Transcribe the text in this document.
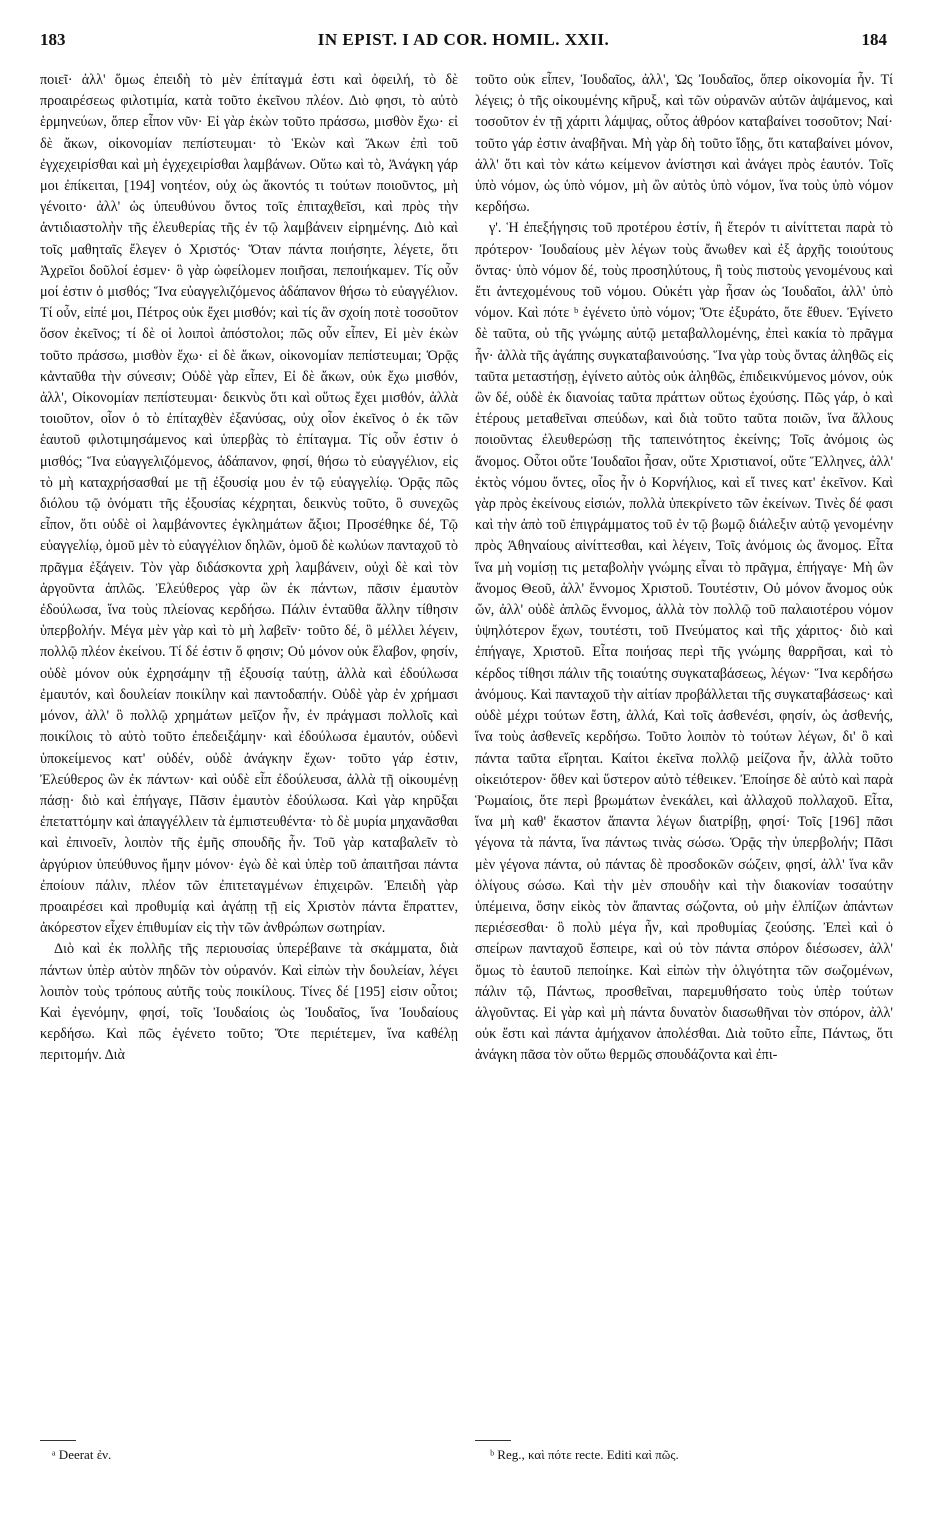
183	IN EPIST. I AD COR. HOMIL. XXII.	184

ποιεῖ· ἀλλ' ὅμως ἐπειδὴ τὸ μὲν ἐπίταγμά ἐστι καὶ ὀφειλή, τὸ δὲ προαιρέσεως φιλοτιμία, κατὰ τοῦτο ἐκεῖνου πλέον. Διὸ φησι, τὸ αὐτὸ ἑρμηνεύων, ὅπερ εἶπον νῦν· Εἰ γὰρ ἑκὼν τοῦτο πράσσω, μισθὸν ἔχω· εἰ δὲ ἄκων, οἰκονομίαν πεπίστευμαι· τὸ Ἑκὼν καὶ Ἄκων ἐπὶ τοῦ ἐγχεχειρίσθαι καὶ μὴ ἐγχεχειρίσθαι λαμβάνων. Οὕτω καὶ τὸ, Ἀνάγκη γάρ μοι ἐπίκειται, [194] νοητέον, οὐχ ὡς ἄκοντός τι τούτων ποιοῦντος, μὴ γένοιτο· ἀλλ' ὡς ὑπευθύνου ὄντος τοῖς ἐπιταχθεῖσι, καὶ πρὸς τὴν ἀντιδιαστολὴν τῆς ἐλευθερίας τῆς ἐν τῷ λαμβάνειν εἰρημένης. Διὸ καὶ τοῖς μαθηταῖς ἔλεγεν ὁ Χριστός· Ὅταν πάντα ποιήσητε, λέγετε, ὅτι Ἀχρεῖοι δοῦλοί ἐσμεν· ὃ γὰρ ὠφείλομεν ποιῆσαι, πεποιήκαμεν. Τίς οὖν μοί ἐστιν ὁ μισθός; Ἵνα εὐαγγελιζόμενος ἀδάπανον θήσω τὸ εὐαγγέλιον. Τί οὖν, εἰπέ μοι, Πέτρος οὐκ ἔχει μισθόν; καὶ τίς ἂν σχοίη ποτὲ τοσοῦτον ὅσον ἐκεῖνος; τί δὲ οἱ λοιποὶ ἀπόστολοι; πῶς οὖν εἶπεν, Εἰ μὲν ἑκὼν τοῦτο πράσσω, μισθὸν ἔχω· εἰ δὲ ἄκων, οἰκονομίαν πεπίστευμαι; Ὁρᾷς κἀνταῦθα τὴν σύνεσιν; Οὐδὲ γὰρ εἶπεν, Εἰ δὲ ἄκων, οὐκ ἔχω μισθόν, ἀλλ', Οἰκονομίαν πεπίστευμαι· δεικνὺς ὅτι καὶ οὕτως ἔχει μισθόν, ἀλλὰ τοιοῦτον, οἷον ὁ τὸ ἐπίταχθὲν ἐξανύσας, οὐχ οἷον ἐκεῖνος ὁ ἐκ τῶν ἑαυτοῦ φιλοτιμησάμενος καὶ ὑπερβὰς τὸ ἐπίταγμα. Τίς οὖν ἐστιν ὁ μισθός; Ἵνα εὐαγγελιζόμενος, ἀδάπανον, φησί, θήσω τὸ εὐαγγέλιον, εἰς τὸ μὴ καταχρήσασθαί με τῇ ἐξουσίᾳ μου ἐν τῷ εὐαγγελίῳ. Ὁρᾷς πῶς διόλου τῷ ὀνόματι τῆς ἐξουσίας κέχρηται, δεικνὺς τοῦτο, ὃ συνεχῶς εἶπον, ὅτι οὐδὲ οἱ λαμβάνοντες ἐγκλημάτων ἄξιοι; Προσέθηκε δέ, Τῷ εὐαγγελίῳ, ὁμοῦ μὲν τὸ εὐαγγέλιον δηλῶν, ὁμοῦ δὲ κωλύων πανταχοῦ τὸ πρᾶγμα ἐξάγειν. Τὸν γὰρ διδάσκοντα χρὴ λαμβάνειν, οὐχὶ δὲ καὶ τὸν ἀργοῦντα ἁπλῶς. Ἐλεύθερος γὰρ ὢν ἐκ πάντων, πᾶσιν ἐμαυτὸν ἐδούλωσα, ἵνα τοὺς πλείονας κερδήσω. Πάλιν ἐνταῦθα ἄλλην τίθησιν ὑπερβολήν. Μέγα μὲν γὰρ καὶ τὸ μὴ λαβεῖν· τοῦτο δέ, ὃ μέλλει λέγειν, πολλῷ πλέον ἐκείνου. Τί δέ ἐστιν ὅ φησιν; Οὐ μόνον οὐκ ἔλαβον, φησίν, οὐδὲ μόνον οὐκ ἐχρησάμην τῇ ἐξουσίᾳ ταύτῃ, ἀλλὰ καὶ ἐδούλωσα ἐμαυτόν, καὶ δουλείαν ποικίλην καὶ παντοδαπήν. Οὐδὲ γὰρ ἐν χρήμασι μόνον, ἀλλ' ὃ πολλῷ χρημάτων μεῖζον ἦν, ἐν πράγμασι πολλοῖς καὶ ποικίλοις τὸ αὐτὸ τοῦτο ἐπεδειξάμην· καὶ ἐδούλωσα ἐμαυτόν, οὐδενὶ ὑποκείμενος κατ' οὐδέν, οὐδὲ ἀνάγκην ἔχων· τοῦτο γάρ ἐστιν, Ἐλεύθερος ὢν ἐκ πάντων· καὶ οὐδὲ εἶπ ἐδούλευσα, ἀλλὰ τῇ οἰκουμένῃ πάσῃ· διὸ καὶ ἐπήγαγε, Πᾶσιν ἐμαυτὸν ἐδούλωσα. Καὶ γὰρ κηρῦξαι ἐπεταττόμην καὶ ἀπαγγέλλειν τὰ ἐμπιστευθέντα· τὸ δὲ μυρία μηχανᾶσθαι καὶ ἐπινοεῖν, λοιπὸν τῆς ἐμῆς σπουδῆς ἦν. Τοῦ γὰρ καταβαλεῖν τὸ ἀργύριον ὑπεύθυνος ἤμην μόνον· ἐγὼ δὲ καὶ ὑπὲρ τοῦ ἀπαιτῆσαι πάντα ἐποίουν πάλιν, πλέον τῶν ἐπιτεταγμένων ἐπιχειρῶν. Ἐπειδὴ γὰρ προαιρέσει καὶ προθυμίᾳ καὶ ἀγάπῃ τῇ εἰς Χριστὸν πάντα ἔπραττεν, ἀκόρεστον εἶχεν ἐπιθυμίαν εἰς τὴν τῶν ἀνθρώπων σωτηρίαν.

Διὸ καὶ ἐκ πολλῆς τῆς περιουσίας ὑπερέβαινε τὰ σκάμματα, διὰ πάντων ὑπὲρ αὐτὸν πηδῶν τὸν οὐρανόν. Καὶ εἰπὼν τὴν δουλείαν, λέγει λοιπὸν τοὺς τρόπους αὐτῆς τοὺς ποικίλους. Τίνες δέ [195] εἰσιν οὗτοι; Καὶ ἐγενόμην, φησί, τοῖς Ἰουδαίοις ὡς Ἰουδαῖος, ἵνα Ἰουδαίους κερδήσω. Καὶ πῶς ἐγένετο τοῦτο; Ὅτε περιέτεμεν, ἵνα καθέλῃ περιτομήν. Διὰ

τοῦτο οὐκ εἶπεν, Ἰουδαῖος, ἀλλ', Ὡς Ἰουδαῖος, ὅπερ οἰκονομία ἦν. Τί λέγεις; ὁ τῆς οἰκουμένης κῆρυξ, καὶ τῶν οὐρανῶν αὐτῶν ἀψάμενος, καὶ τοσοῦτον ἐν τῇ χάριτι λάμψας, οὗτος ἀθρόον καταβαίνει τοσοῦτον; Ναί· τοῦτο γάρ ἐστιν ἀναβῆναι. Μὴ γὰρ δὴ τοῦτο ἴδῃς, ὅτι καταβαίνει μόνον, ἀλλ' ὅτι καὶ τὸν κάτω κείμενον ἀνίστησι καὶ ἀνάγει πρὸς ἑαυτόν. Τοῖς ὑπὸ νόμον, ὡς ὑπὸ νόμον, μὴ ὢν αὐτὸς ὑπὸ νόμον, ἵνα τοὺς ὑπὸ νόμον κερδήσω.

γ'. Ἡ ἐπεξήγησις τοῦ προτέρου ἐστίν, ἢ ἕτερόν τι αἰνίττεται παρὰ τὸ πρότερον· Ἰουδαίους μὲν λέγων τοὺς ἄνωθεν καὶ ἐξ ἀρχῆς τοιούτους ὄντας· ὑπὸ νόμον δέ, τοὺς προσηλύτους, ἢ τοὺς πιστοὺς γενομένους καὶ ἔτι ἀντεχομένους τοῦ νόμου. Οὐκέτι γὰρ ἦσαν ὡς Ἰουδαῖοι, ἀλλ' ὑπὸ νόμον. Καὶ πότε ᵇ ἐγένετο ὑπὸ νόμον; Ὅτε ἐξυράτο, ὅτε ἔθυεν. Ἐγίνετο δὲ ταῦτα, οὐ τῆς γνώμης αὐτῷ μεταβαλλομένης, ἐπεὶ κακία τὸ πρᾶγμα ἦν· ἀλλὰ τῆς ἀγάπης συγκαταβαινούσης. Ἵνα γὰρ τοὺς ὄντας ἀληθῶς εἰς ταῦτα μεταστήσῃ, ἐγίνετο αὐτὸς οὐκ ἀληθῶς, ἐπιδεικνύμενος μόνον, οὐκ ὢν δέ, οὐδὲ ἐκ διανοίας ταῦτα πράττων οὕτως ἐχούσης. Πῶς γάρ, ὁ καὶ ἑτέρους μεταθεῖναι σπεύδων, καὶ διὰ τοῦτο ταῦτα ποιῶν, ἵνα ἄλλους ποιοῦντας ἐλευθερώσῃ τῆς ταπεινότητος ἐκείνης; Τοῖς ἀνόμοις ὡς ἄνομος. Οὗτοι οὔτε Ἰουδαῖοι ἦσαν, οὔτε Χριστιανοί, οὔτε Ἕλληνες, ἀλλ' ἐκτὸς νόμου ὄντες, οἷος ἦν ὁ Κορνήλιος, καὶ εἴ τινες κατ' ἐκεῖνον. Καὶ γὰρ πρὸς ἐκείνους εἰσιών, πολλὰ ὑπεκρίνετο τῶν ἐκείνων. Τινὲς δέ φασι καὶ τὴν ἀπὸ τοῦ ἐπιγράμματος τοῦ ἐν τῷ βωμῷ διάλεξιν αὐτῷ γενομένην πρὸς Ἀθηναίους αἰνίττεσθαι, καὶ λέγειν, Τοῖς ἀνόμοις ὡς ἄνομος. Εἶτα ἵνα μὴ νομίσῃ τις μεταβολὴν γνώμης εἶναι τὸ πρᾶγμα, ἐπήγαγε· Μὴ ὢν ἄνομος Θεοῦ, ἀλλ' ἔννομος Χριστοῦ. Τουτέστιν, Οὐ μόνον ἄνομος οὐκ ὤν, ἀλλ' οὐδὲ ἁπλῶς ἔννομος, ἀλλὰ τὸν πολλῷ τοῦ παλαιοτέρου νόμον ὑψηλότερον ἔχων, τουτέστι, τοῦ Πνεύματος καὶ τῆς χάριτος· διὸ καὶ ἐπήγαγε, Χριστοῦ. Εἶτα ποιήσας περὶ τῆς γνώμης θαρρῆσαι, καὶ τὸ κέρδος τίθησι πάλιν τῆς τοιαύτης συγκαταβάσεως, λέγων· Ἵνα κερδήσω ἀνόμους. Καὶ πανταχοῦ τὴν αἰτίαν προβάλλεται τῆς συγκαταβάσεως· καὶ οὐδὲ μέχρι τούτων ἔστη, ἀλλά, Καὶ τοῖς ἀσθενέσι, φησίν, ὡς ἀσθενής, ἵνα τοὺς ἀσθενεῖς κερδήσω. Τοῦτο λοιπὸν τὸ τούτων λέγων, δι' ὃ καὶ πάντα ταῦτα εἴρηται. Καίτοι ἐκεῖνα πολλῷ μείζονα ἦν, ἀλλὰ τοῦτο οἰκειότερον· ὅθεν καὶ ὕστερον αὐτὸ τέθεικεν. Ἐποίησε δὲ αὐτὸ καὶ παρὰ Ῥωμαίοις, ὅτε περὶ βρωμάτων ἐνεκάλει, καὶ ἀλλαχοῦ πολλαχοῦ. Εἶτα, ἵνα μὴ καθ' ἕκαστον ἅπαντα λέγων διατρίβῃ, φησί· Τοῖς [196] πᾶσι γέγονα τὰ πάντα, ἵνα πάντως τινὰς σώσω. Ὁρᾷς τὴν ὑπερβολήν; Πᾶσι μὲν γέγονα πάντα, οὐ πάντας δὲ προσδοκῶν σώζειν, φησί, ἀλλ' ἵνα κἂν ὀλίγους σώσω. Καὶ τὴν μὲν σπουδὴν καὶ τὴν διακονίαν τοσαύτην ὑπέμεινα, ὅσην εἰκὸς τὸν ἅπαντας σώζοντα, οὐ μὴν ἐλπίζων ἁπάντων περιέσεσθαι· ὃ πολὺ μέγα ἦν, καὶ προθυμίας ζεούσης. Ἐπεὶ καὶ ὁ σπείρων πανταχοῦ ἔσπειρε, καὶ οὐ τὸν πάντα σπόρον διέσωσεν, ἀλλ' ὅμως τὸ ἑαυτοῦ πεποίηκε. Καὶ εἰπὼν τὴν ὀλιγότητα τῶν σωζομένων, πάλιν τῷ, Πάντως, προσθεῖναι, παρεμυθήσατο τοὺς ὑπὲρ τούτων ἀλγοῦντας. Εἰ γὰρ καὶ μὴ πάντα δυνατὸν διασωθῆναι τὸν σπόρον, ἀλλ' οὐκ ἔστι καὶ πάντα ἀμήχανον ἀπολέσθαι. Διὰ τοῦτο εἶπε, Πάντως, ὅτι ἀνάγκη πᾶσα τὸν οὕτω θερμῶς σπουδάζοντα καὶ ἐπι-

ᵃ Deerat ἐν.	ᵇ Reg., καὶ πότε recte. Editi καὶ πῶς.
